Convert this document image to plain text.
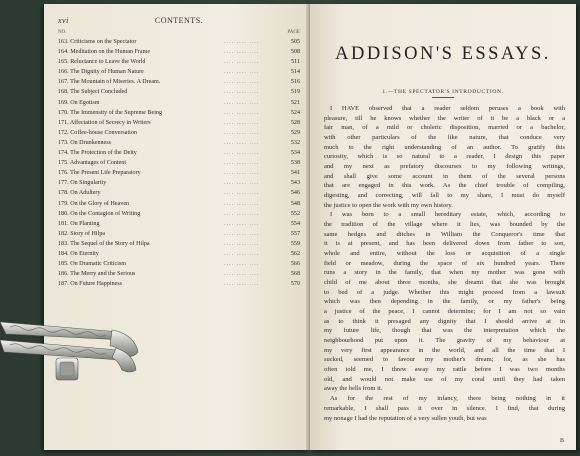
xvi	CONTENTS.
NO.	PAGE
163. Criticisms on the Spectator	.... .... ....	505
164. Meditation on the Human Frame	.... .... ....	508
165. Reluctance to Leave the World	.... .... ....	511
166. The Dignity of Human Nature	.... .... ....	514
167. The Mountain of Miseries. A Dream.	.... .... ....	516
168. The Subject Concluded	.... .... ....	519
169. On Egotism	.... .... ....	521
170. The Immensity of the Supreme Being	.... .... ....	524
171. Affectation of Secrecy in Writers	.... .... ....	528
172. Coffee-house Conversation	.... .... ....	529
173. On Drunkenness	.... .... ....	532
174. The Protection of the Deity	.... .... ....	534
175. Advantages of Content	.... .... ....	538
176. The Present Life Preparatory	.... .... ....	541
177. On Singularity	.... .... ....	543
178. On Adultery	.... .... ....	546
179. On the Glory of Heaven	.... .... ....	548
180. On the Contagion of Writing	.... .... ....	552
181. On Planting	.... .... ....	554
182. Story of Hilpa	.... .... ....	557
183. The Sequel of the Story of Hilpa	.... .... ....	559
184. On Eternity	.... .... ....	562
185. On Dramatic Criticism	.... .... ....	566
186. The Merry and the Serious	.... .... ....	568
187. On Future Happiness	.... .... ....	570
ADDISON'S ESSAYS.
1.—THE SPECTATOR'S INTRODUCTION.
I HAVE observed that a reader seldom peruses a book with
pleasure, till he knows whether the writer of it be a black or a
fair man, of a mild or choleric disposition, married or a bachelor,
with other particulars of the like nature, that conduce very
much to the right understanding of an author. To gratify this
curiosity, which is so natural to a reader, I design this paper
and my next as prefatory discourses to my following writings,
and shall give some account in them of the several persons
that are engaged in this work. As the chief trouble of compiling,
digesting, and correcting, will fall to my share, I must do myself
the justice to open the work with my own history.
I was born to a small hereditary estate, which, according to
the tradition of the village where it lies, was bounded by the
same hedges and ditches in William the Conqueror's time that
it is at present, and has been delivered down from father to son,
whole and entire, without the loss or acquisition of a single
field or meadow, during the space of six hundred years. There
runs a story in the family, that when my mother was gone with
child of me about three months, she dreamt that she was brought
to bed of a judge. Whether this might proceed from a lawsuit
which was then depending in the family, or my father's being
a justice of the peace, I cannot determine; for I am not so vain
as to think it presaged any dignity that I should arrive at in
my future life, though that was the interpretation which the
neighbourhood put upon it. The gravity of my behaviour at
my very first appearance in the world, and all the time that I
sucked, seemed to favour my mother's dream; for, as she has
often told me, I threw away my rattle before I was two months
old, and would not make use of my coral until they had taken
away the bells from it.
As for the rest of my infancy, there being nothing in it
remarkable, I shall pass it over in silence. I find, that during
my nonage I had the reputation of a very sullen youth, but was
B
